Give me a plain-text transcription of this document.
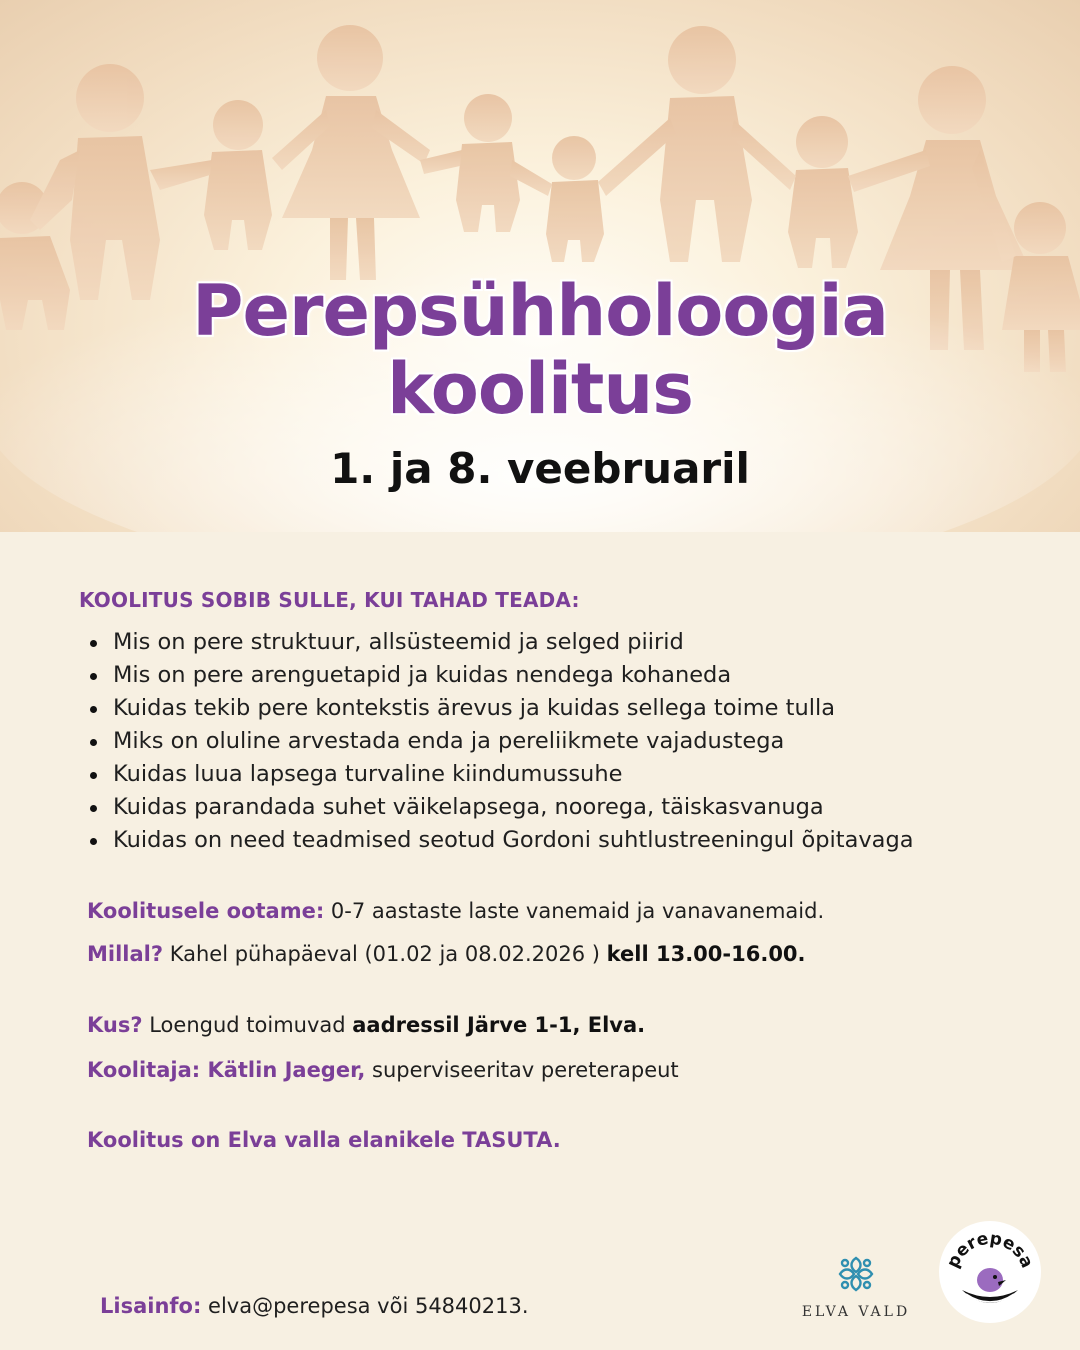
Perepsühholoogia
koolitus
1. ja 8. veebruaril
KOOLITUS SOBIB SULLE, KUI TAHAD TEADA:
Mis on pere struktuur, allsüsteemid ja selged piirid
Mis on pere arenguetapid ja kuidas nendega kohaneda
Kuidas tekib pere kontekstis ärevus ja kuidas sellega toime tulla
Miks on oluline arvestada enda ja pereliikmete vajadustega
Kuidas luua lapsega turvaline kiindumussuhe
Kuidas parandada suhet väikelapsega, noorega, täiskasvanuga
Kuidas on need teadmised seotud Gordoni suhtlustreeningul õpitavaga
Koolitusele ootame: 0-7 aastaste laste vanemaid ja vanavanemaid.
Millal? Kahel pühapäeval (01.02 ja 08.02.2026 ) kell 13.00-16.00.
Kus? Loengud toimuvad aadressil Järve 1-1, Elva.
Koolitaja: Kätlin Jaeger, superviseeritav pereterapeut
Koolitus on Elva valla elanikele TASUTA.
Lisainfo: elva@perepesa või 54840213.	ELVA VALD
perepesa
